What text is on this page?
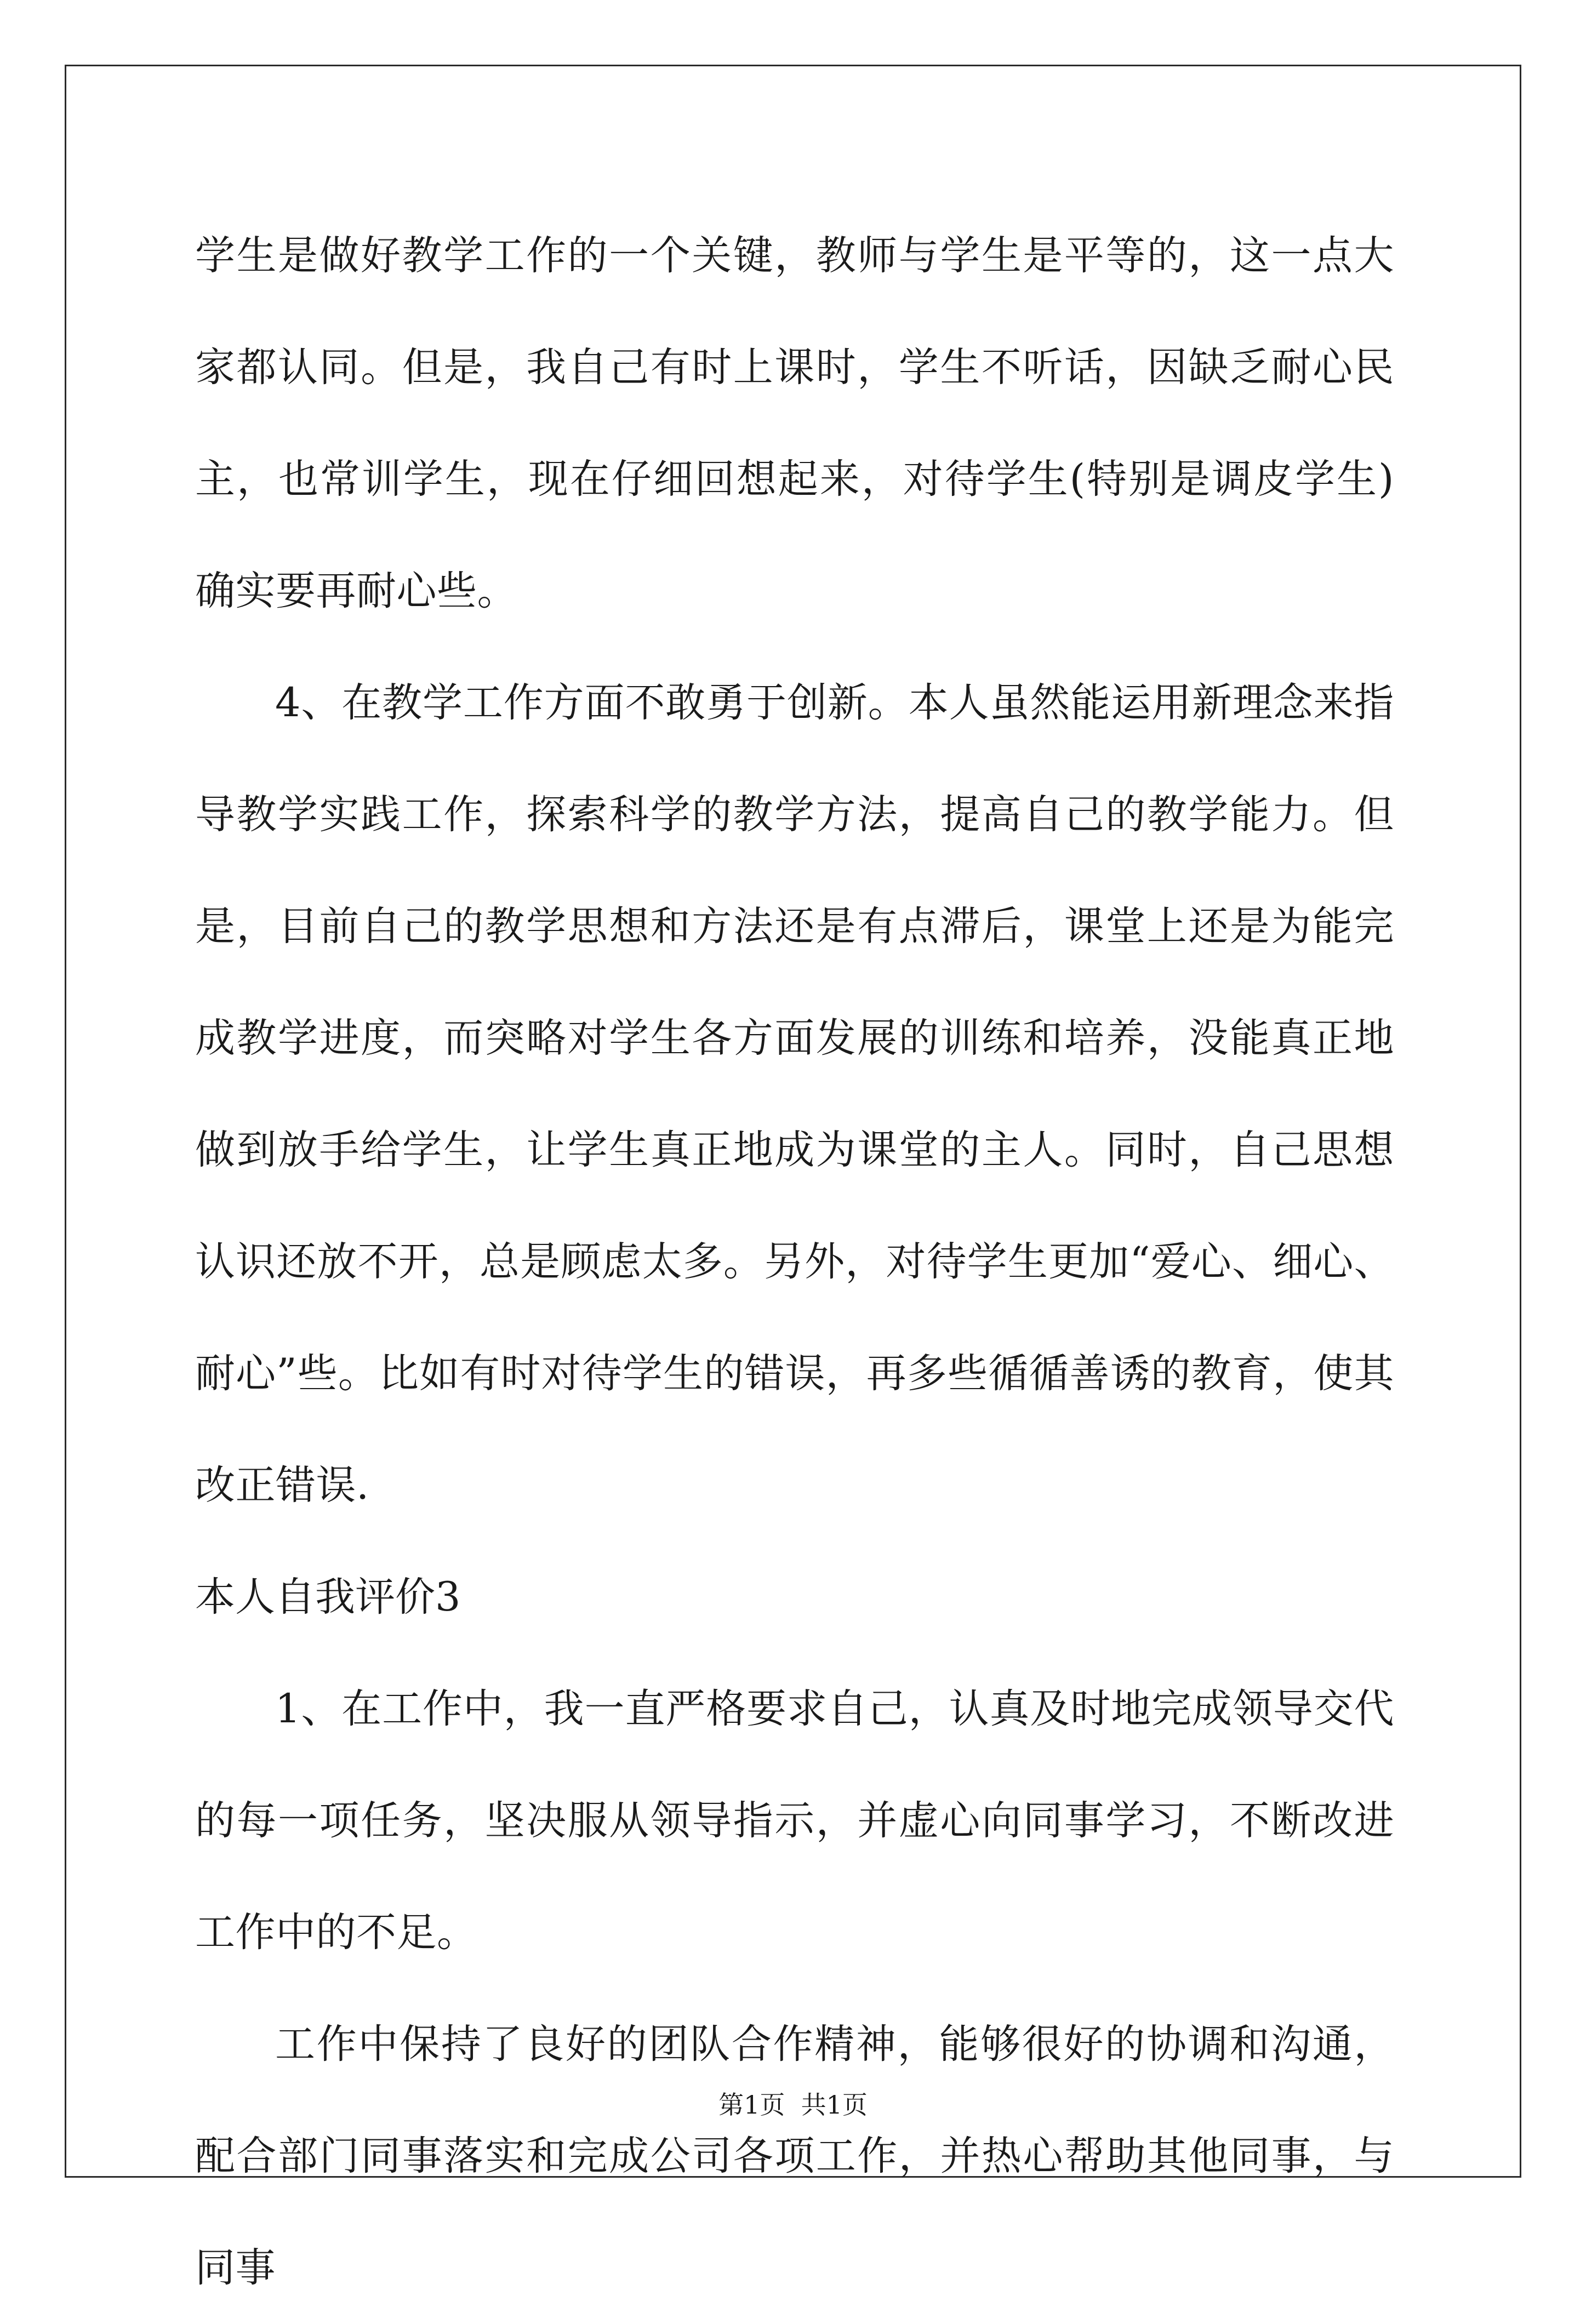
学生是做好教学工作的一个关键，教师与学生是平等的，这一点大家都认同。但是，我自己有时上课时，学生不听话，因缺乏耐心民主，也常训学生，现在仔细回想起来，对待学生(特别是调皮学生)确实要再耐心些。

4、在教学工作方面不敢勇于创新。本人虽然能运用新理念来指导教学实践工作，探索科学的教学方法，提高自己的教学能力。但是，目前自己的教学思想和方法还是有点滞后，课堂上还是为能完成教学进度，而突略对学生各方面发展的训练和培养，没能真正地做到放手给学生，让学生真正地成为课堂的主人。同时，自己思想认识还放不开，总是顾虑太多。另外，对待学生更加“爱心、细心、耐心”些。比如有时对待学生的错误，再多些循循善诱的教育，使其改正错误.

本人自我评价3

1、在工作中，我一直严格要求自己，认真及时地完成领导交代的每一项任务，坚决服从领导指示，并虚心向同事学习，不断改进工作中的不足。

工作中保持了良好的团队合作精神，能够很好的协调和沟通，配合部门同事落实和完成公司各项工作，并热心帮助其他同事，与同事

第1页  共1页
